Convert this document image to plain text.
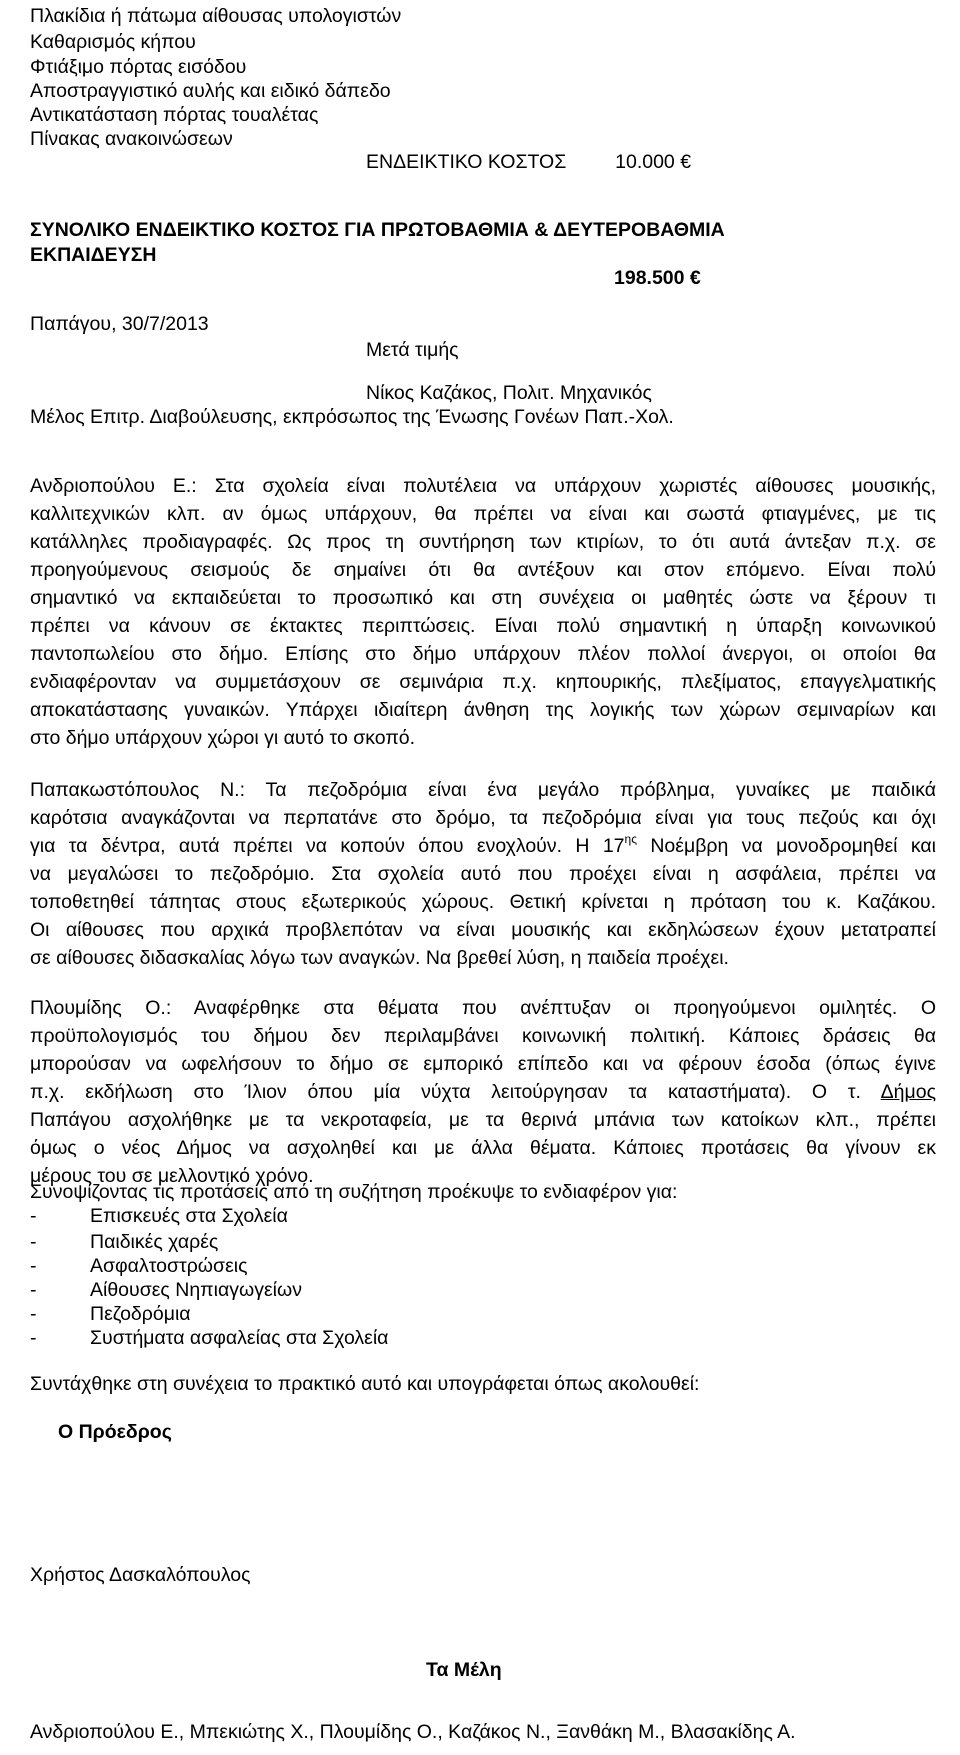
Πλακίδια ή πάτωμα αίθουσας υπολογιστών
Καθαρισμός κήπου
Φτιάξιμο πόρτας εισόδου
Αποστραγγιστικό αυλής και ειδικό δάπεδο
Αντικατάσταση πόρτας τουαλέτας
Πίνακας ανακοινώσεων
ΕΝΔΕΙΚΤΙΚΟ ΚΟΣΤΟΣ	10.000 €
ΣΥΝΟΛΙΚΟ ΕΝΔΕΙΚΤΙΚΟ ΚΟΣΤΟΣ ΓΙΑ ΠΡΩΤΟΒΑΘΜΙΑ & ΔΕΥΤΕΡΟΒΑΘΜΙΑ
ΕΚΠΑΙΔΕΥΣΗ
198.500 €
Παπάγου, 30/7/2013
Μετά τιμής
Νίκος Καζάκος, Πολιτ. Μηχανικός
Μέλος Επιτρ. Διαβούλευσης, εκπρόσωπος της Ένωσης Γονέων Παπ.-Χολ.
Ανδριοπούλου Ε.: Στα σχολεία είναι πολυτέλεια να υπάρχουν χωριστές αίθουσες μουσικής,
καλλιτεχνικών κλπ. αν όμως υπάρχουν, θα πρέπει να είναι και σωστά φτιαγμένες, με τις
κατάλληλες προδιαγραφές. Ως προς τη συντήρηση των κτιρίων, το ότι αυτά άντεξαν π.χ. σε
προηγούμενους σεισμούς δε σημαίνει ότι θα αντέξουν και στον επόμενο. Είναι πολύ
σημαντικό να εκπαιδεύεται το προσωπικό και στη συνέχεια οι μαθητές ώστε να ξέρουν τι
πρέπει να κάνουν σε έκτακτες περιπτώσεις. Είναι πολύ σημαντική η ύπαρξη κοινωνικού
παντοπωλείου στο δήμο. Επίσης στο δήμο υπάρχουν πλέον πολλοί άνεργοι, οι οποίοι θα
ενδιαφέρονταν να συμμετάσχουν σε σεμινάρια π.χ. κηπουρικής, πλεξίματος, επαγγελματικής
αποκατάστασης γυναικών. Υπάρχει ιδιαίτερη άνθηση της λογικής των χώρων σεμιναρίων και
στο δήμο υπάρχουν χώροι γι αυτό το σκοπό.
Παπακωστόπουλος Ν.: Τα πεζοδρόμια είναι ένα μεγάλο πρόβλημα, γυναίκες με παιδικά
καρότσια αναγκάζονται να περπατάνε στο δρόμο, τα πεζοδρόμια είναι για τους πεζούς και όχι
για τα δέντρα, αυτά πρέπει να κοπούν όπου ενοχλούν. Η $17^{\eta\varsigma}$ Νοέμβρη να μονοδρομηθεί και
να μεγαλώσει το πεζοδρόμιο. Στα σχολεία αυτό που προέχει είναι η ασφάλεια, πρέπει να
τοποθετηθεί τάπητας στους εξωτερικούς χώρους. Θετική κρίνεται η πρόταση του κ. Καζάκου.
Οι αίθουσες που αρχικά προβλεπόταν να είναι μουσικής και εκδηλώσεων έχουν μετατραπεί
σε αίθουσες διδασκαλίας λόγω των αναγκών. Να βρεθεί λύση, η παιδεία προέχει.
Πλουμίδης Ο.: Αναφέρθηκε στα θέματα που ανέπτυξαν οι προηγούμενοι ομιλητές. Ο
προϋπολογισμός του δήμου δεν περιλαμβάνει κοινωνική πολιτική. Κάποιες δράσεις θα
μπορούσαν να ωφελήσουν το δήμο σε εμπορικό επίπεδο και να φέρουν έσοδα (όπως έγινε
π.χ. εκδήλωση στο Ίλιον όπου μία νύχτα λειτούργησαν τα καταστήματα). Ο τ. Δήμος
Παπάγου ασχολήθηκε με τα νεκροταφεία, με τα θερινά μπάνια των κατοίκων κλπ., πρέπει
όμως ο νέος Δήμος να ασχοληθεί και με άλλα θέματα. Κάποιες προτάσεις θα γίνουν εκ
μέρους του σε μελλοντικό χρόνο.
Συνοψίζοντας τις προτάσεις από τη συζήτηση προέκυψε το ενδιαφέρον για:
-	Επισκευές στα Σχολεία
-	Παιδικές χαρές
-	Ασφαλτοστρώσεις
-	Αίθουσες Νηπιαγωγείων
-	Πεζοδρόμια
-	Συστήματα ασφαλείας στα Σχολεία
Συντάχθηκε στη συνέχεια το πρακτικό αυτό και υπογράφεται όπως ακολουθεί:
Ο Πρόεδρος
Χρήστος Δασκαλόπουλος
Τα Μέλη
Ανδριοπούλου Ε., Μπεκιώτης Χ., Πλουμίδης Ο., Καζάκος Ν., Ξανθάκη Μ., Βλασακίδης Α.
